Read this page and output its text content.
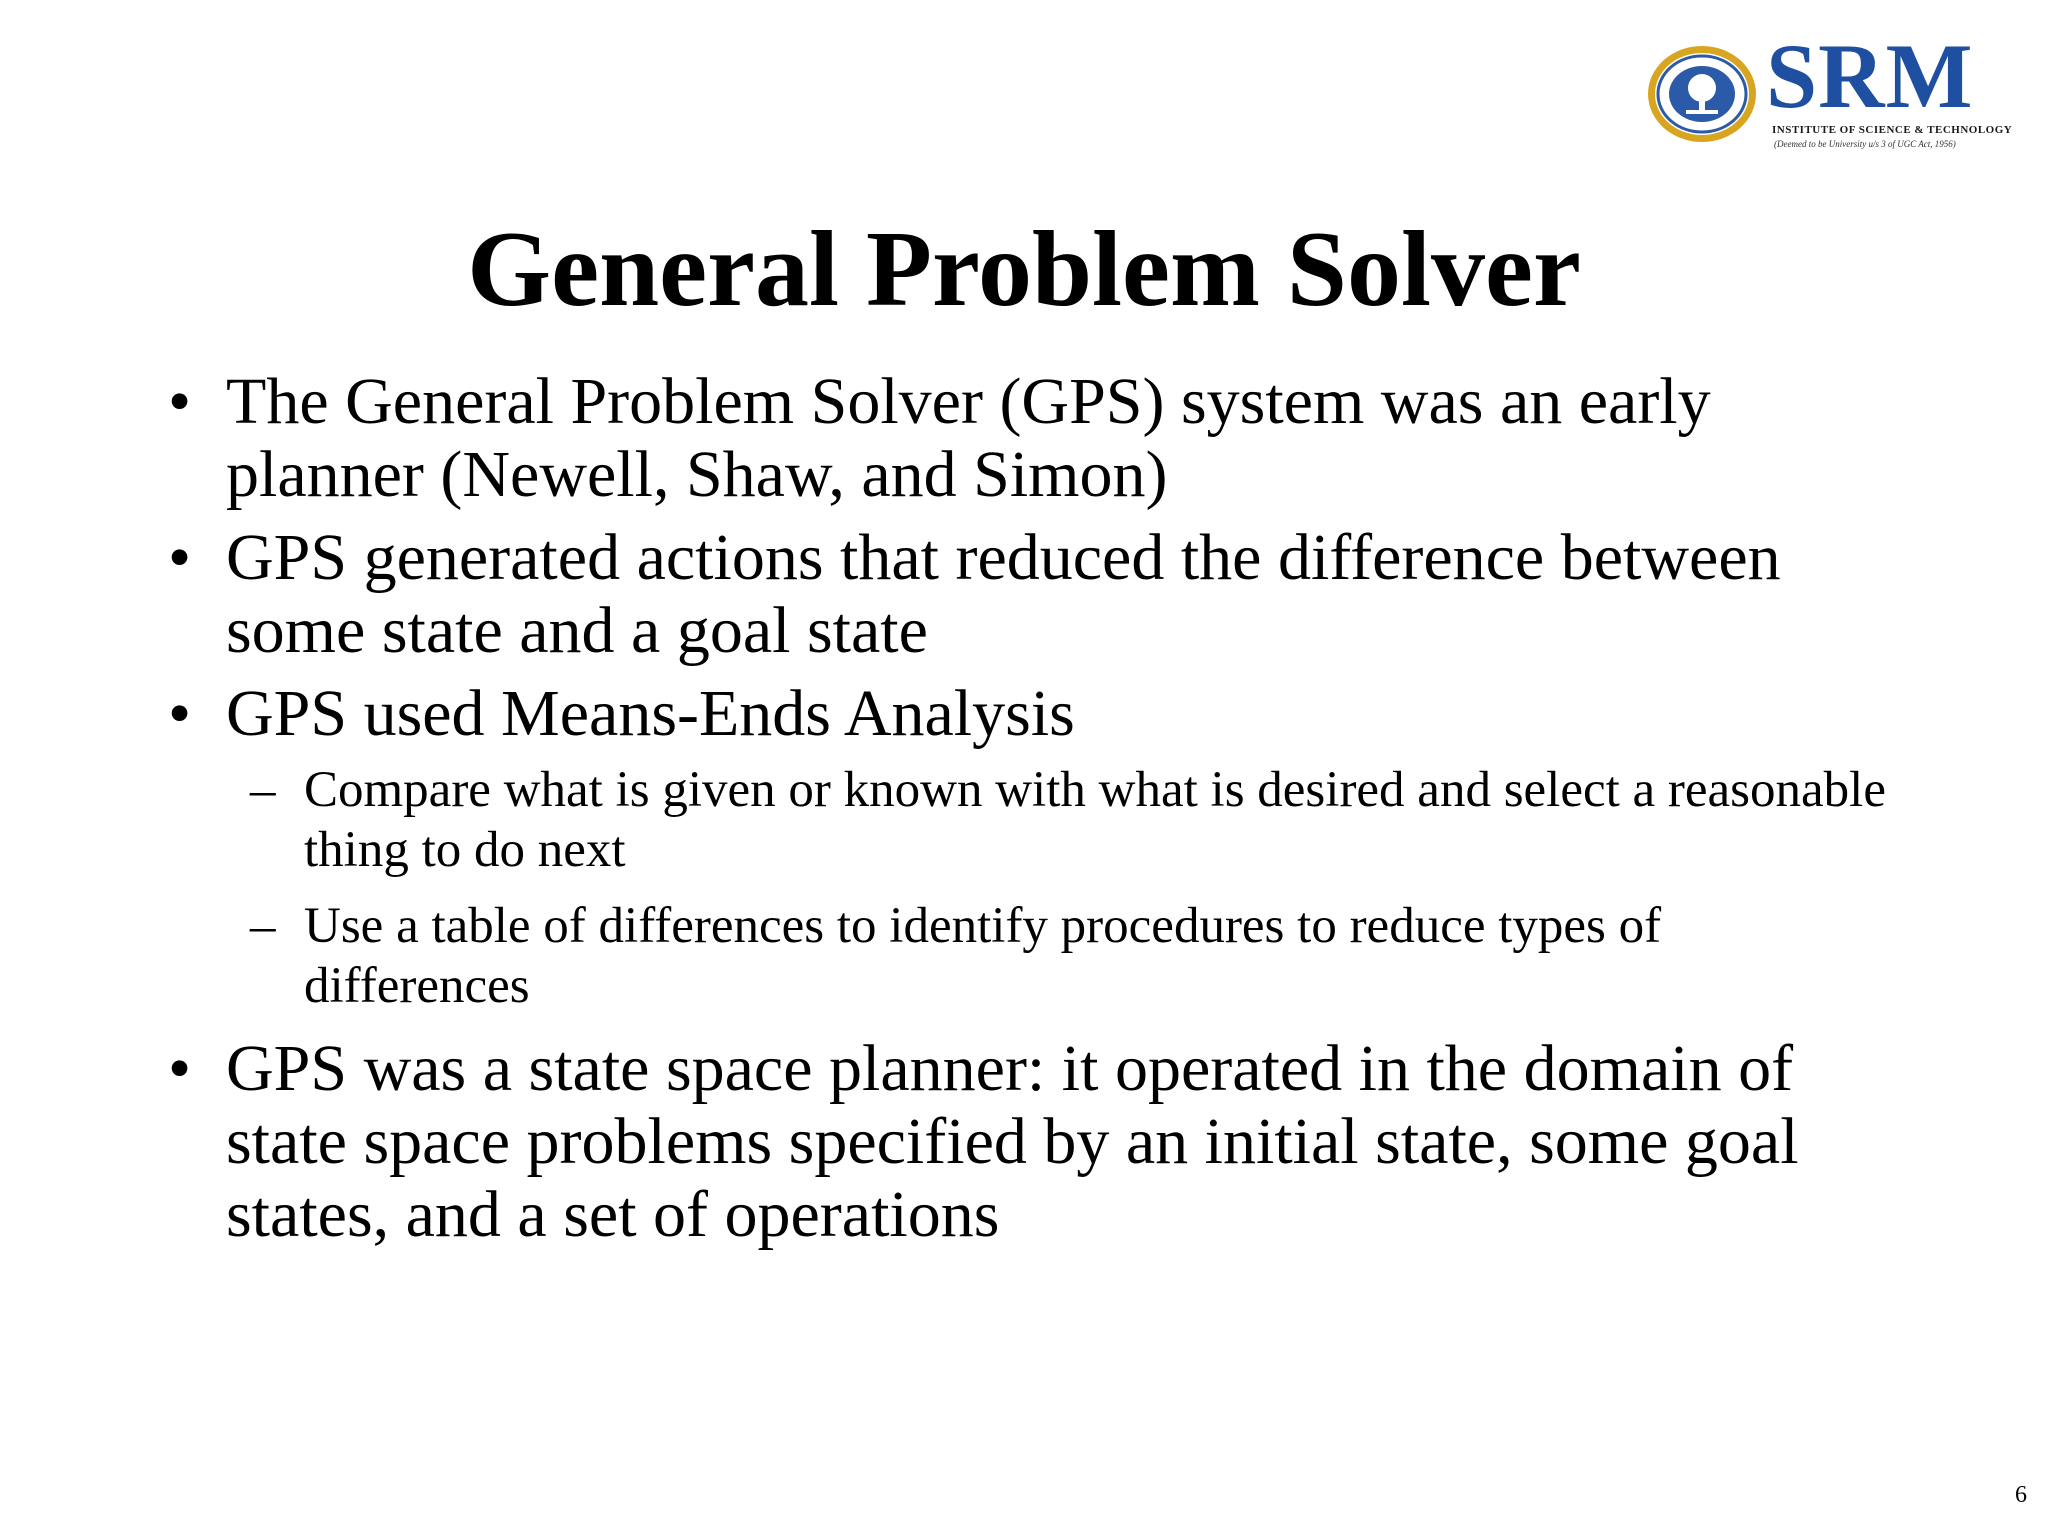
SRM
INSTITUTE OF SCIENCE & TECHNOLOGY
(Deemed to be University u/s 3 of UGC Act, 1956)
General Problem Solver
• The General Problem Solver (GPS) system was an early planner (Newell, Shaw, and Simon)
• GPS generated actions that reduced the difference between some state and a goal state
• GPS used Means-Ends Analysis
– Compare what is given or known with what is desired and select a reasonable thing to do next
– Use a table of differences to identify procedures to reduce types of differences
• GPS was a state space planner: it operated in the domain of state space problems specified by an initial state, some goal states, and a set of operations
6
